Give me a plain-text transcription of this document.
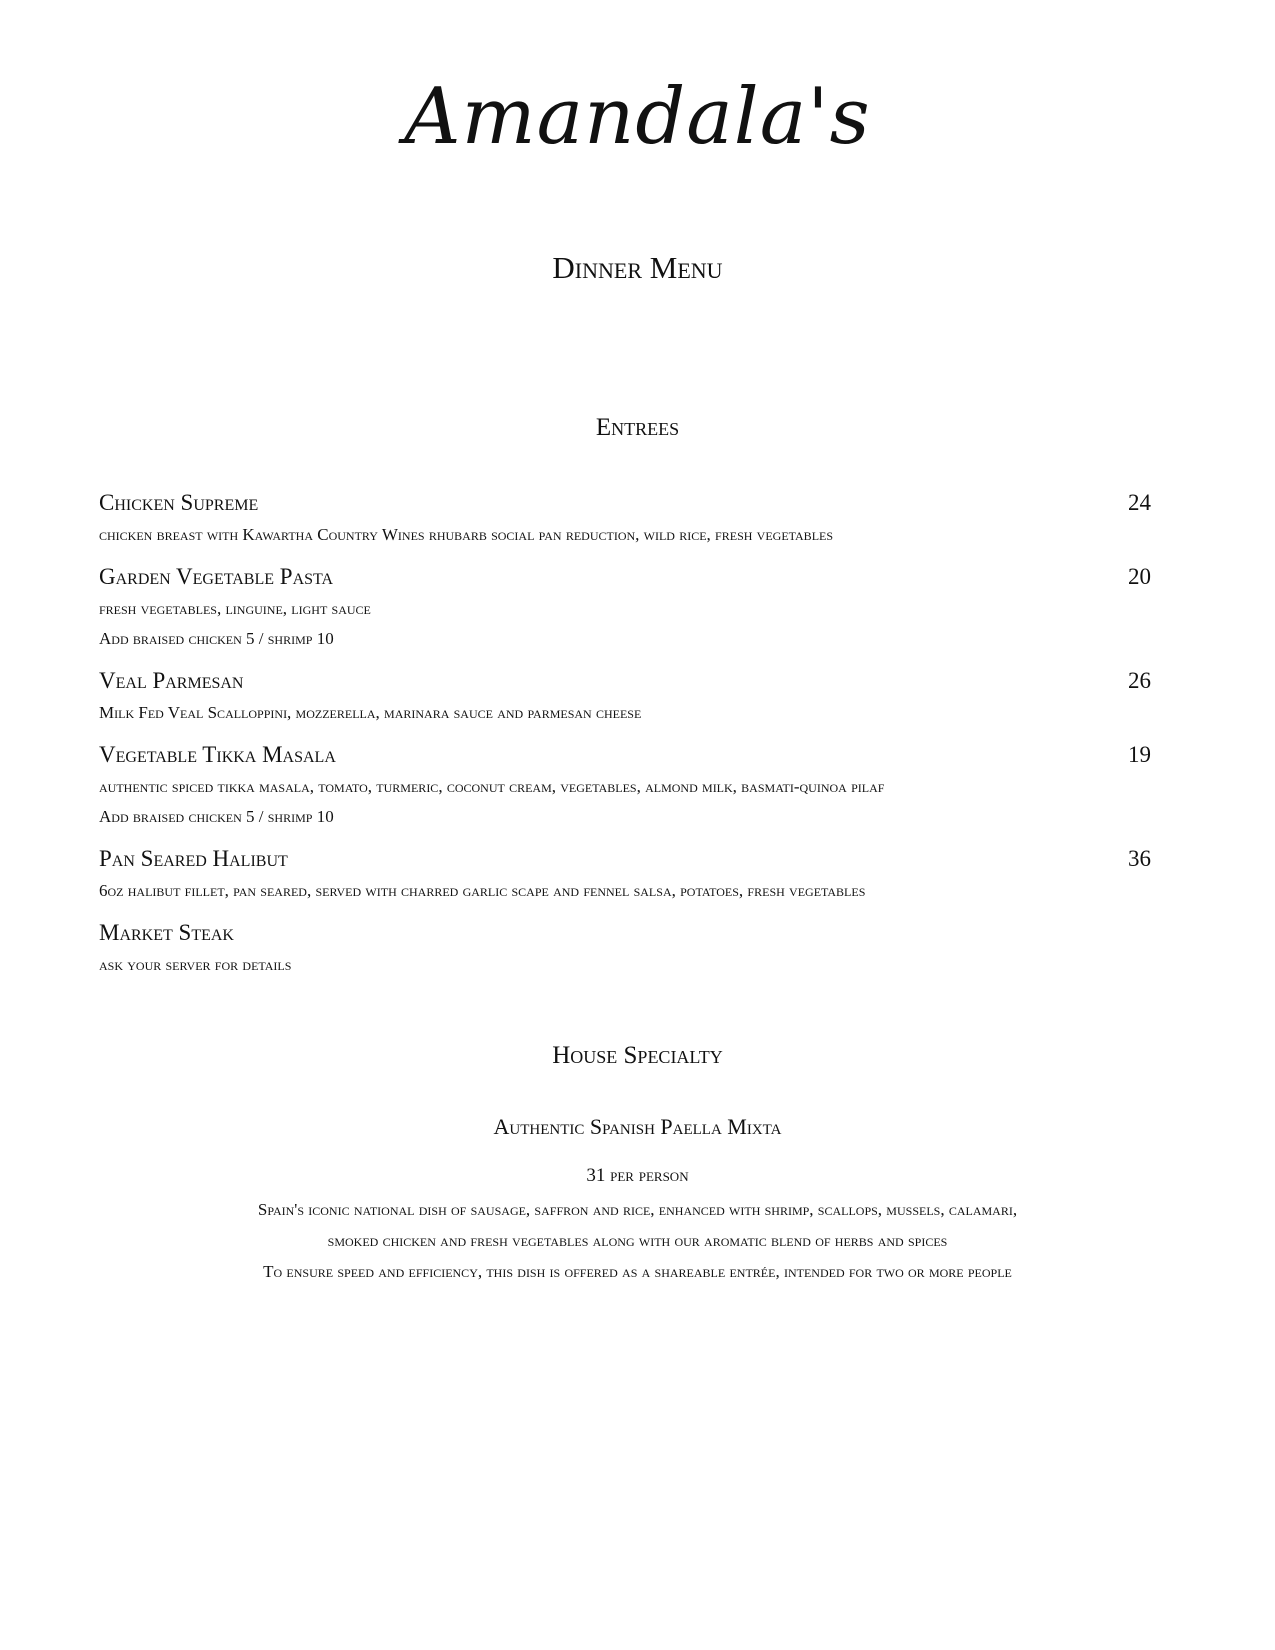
Amandala's
Dinner Menu
Entrees
Chicken Supreme	24
chicken breast with Kawartha Country Wines rhubarb social pan reduction, wild rice, fresh vegetables
Garden Vegetable Pasta	20
fresh vegetables, linguine, light sauce
Add braised chicken 5 / shrimp 10
Veal Parmesan	26
Milk Fed Veal Scalloppini, mozzerella, marinara sauce and parmesan cheese
Vegetable Tikka Masala	19
authentic spiced tikka masala, tomato, turmeric, coconut cream, vegetables, almond milk, basmati-quinoa pilaf
Add braised chicken 5 / shrimp 10
Pan Seared Halibut	36
6oz halibut fillet, pan seared, served with charred garlic scape and fennel salsa, potatoes, fresh vegetables
Market Steak
ask your server for details
House Specialty
Authentic Spanish Paella Mixta
31 per person
Spain's iconic national dish of sausage, saffron and rice, enhanced with shrimp, scallops, mussels, calamari,
smoked chicken and fresh vegetables along with our aromatic blend of herbs and spices
To ensure speed and efficiency, this dish is offered as a shareable entrée, intended for two or more people
